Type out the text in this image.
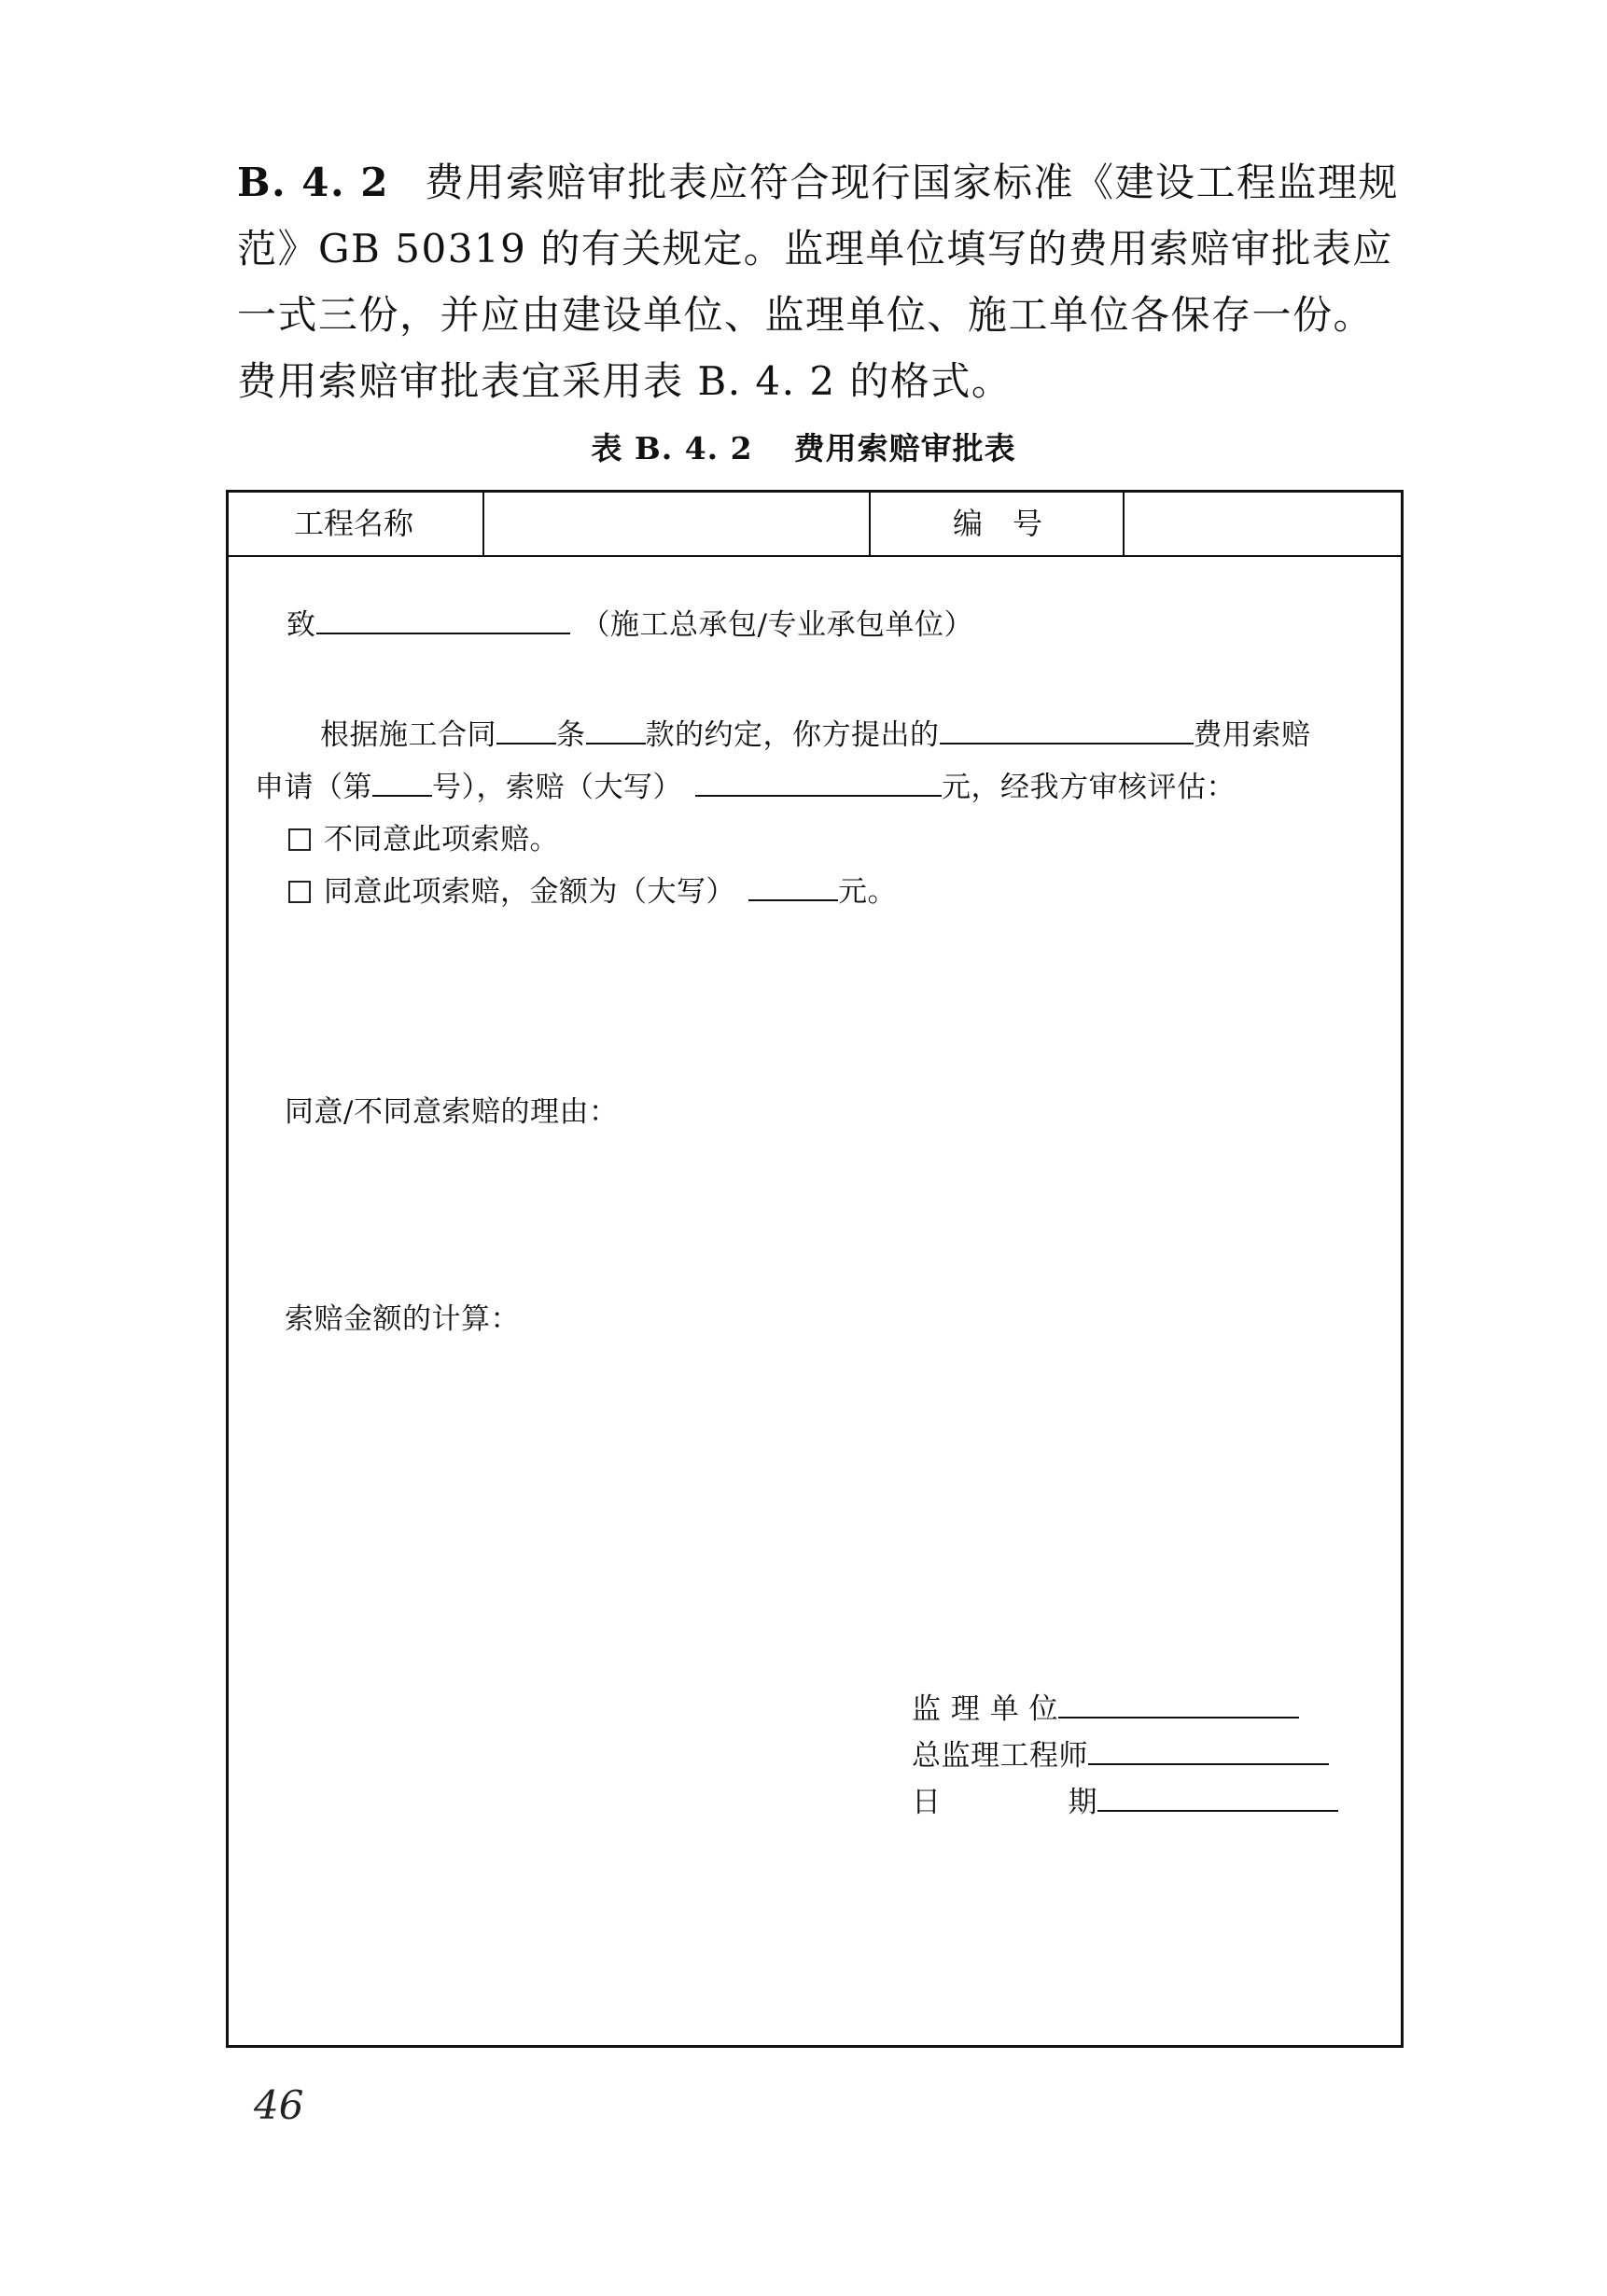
B. 4. 2 费用索赔审批表应符合现行国家标准《建设工程监理规
范》GB 50319 的有关规定。监理单位填写的费用索赔审批表应
一式三份，并应由建设单位、监理单位、施工单位各保存一份。
费用索赔审批表宜采用表 B. 4. 2 的格式。
表 B. 4. 2 费用索赔审批表
工程名称	编　号
致	（施工总承包/专业承包单位）
根据施工合同 条 款的约定，你方提出的	费用索赔
申请（第 号），索赔（大写）	元，经我方审核评估：
不同意此项索赔。
同意此项索赔，金额为（大写）	元。
同意/不同意索赔的理由：
索赔金额的计算：
监 理 单 位
总监理工程师
日	期
46
